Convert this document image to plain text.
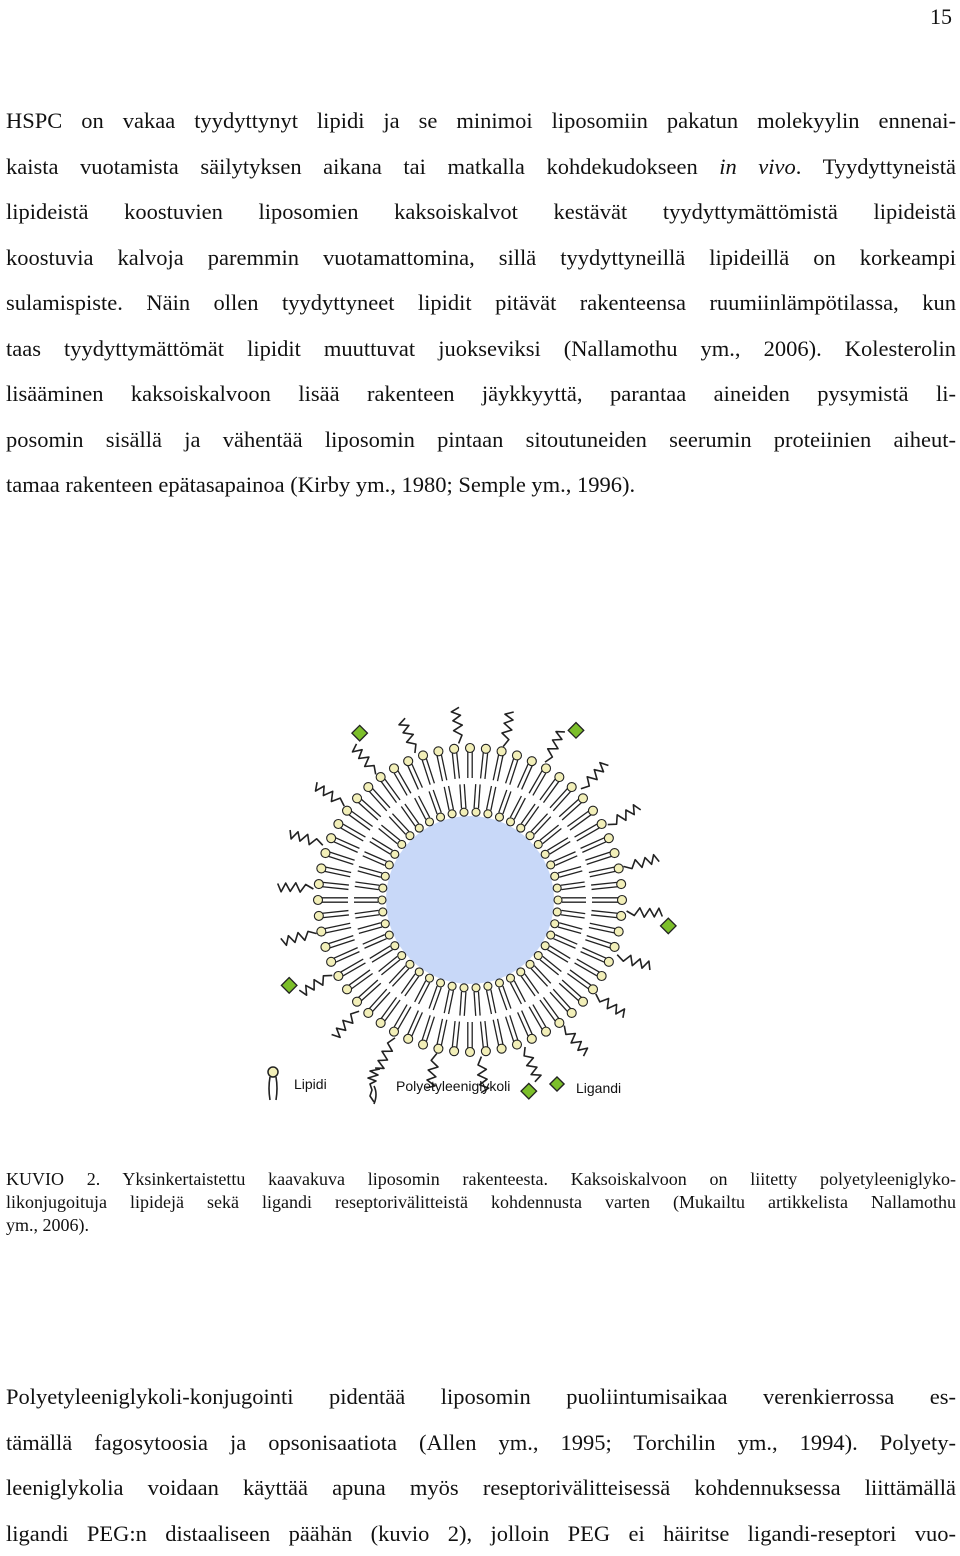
15
HSPC on vakaa tyydyttynyt lipidi ja se minimoi liposomiin pakatun molekyylin ennenai-
kaista vuotamista säilytyksen aikana tai matkalla kohdekudokseen in vivo. Tyydyttyneistä
lipideistä koostuvien liposomien kaksoiskalvot kestävät tyydyttymättömistä lipideistä
koostuvia kalvoja paremmin vuotamattomina, sillä tyydyttyneillä lipideillä on korkeampi
sulamispiste. Näin ollen tyydyttyneet lipidit pitävät rakenteensa ruumiinlämpötilassa, kun
taas tyydyttymättömät lipidit muuttuvat juokseviksi (Nallamothu ym., 2006). Kolesterolin
lisääminen kaksoiskalvoon lisää rakenteen jäykkyyttä, parantaa aineiden pysymistä li-
posomin sisällä ja vähentää liposomin pintaan sitoutuneiden seerumin proteiinien aiheut-
tamaa rakenteen epätasapainoa (Kirby ym., 1980; Semple ym., 1996).
Lipidi	Polyetyleeniglykoli	Ligandi
KUVIO 2. Yksinkertaistettu kaavakuva liposomin rakenteesta. Kaksoiskalvoon on liitetty polyetyleeniglyko-
likonjugoituja lipidejä sekä ligandi reseptorivälitteistä kohdennusta varten (Mukailtu artikkelista Nallamothu
ym., 2006).
Polyetyleeniglykoli-konjugointi pidentää liposomin puoliintumisaikaa verenkierrossa es-
tämällä fagosytoosia ja opsonisaatiota (Allen ym., 1995; Torchilin ym., 1994). Polyety-
leeniglykolia voidaan käyttää apuna myös reseptorivälitteisessä kohdennuksessa liittämällä
ligandi PEG:n distaaliseen päähän (kuvio 2), jolloin PEG ei häiritse ligandi-reseptori vuo-
